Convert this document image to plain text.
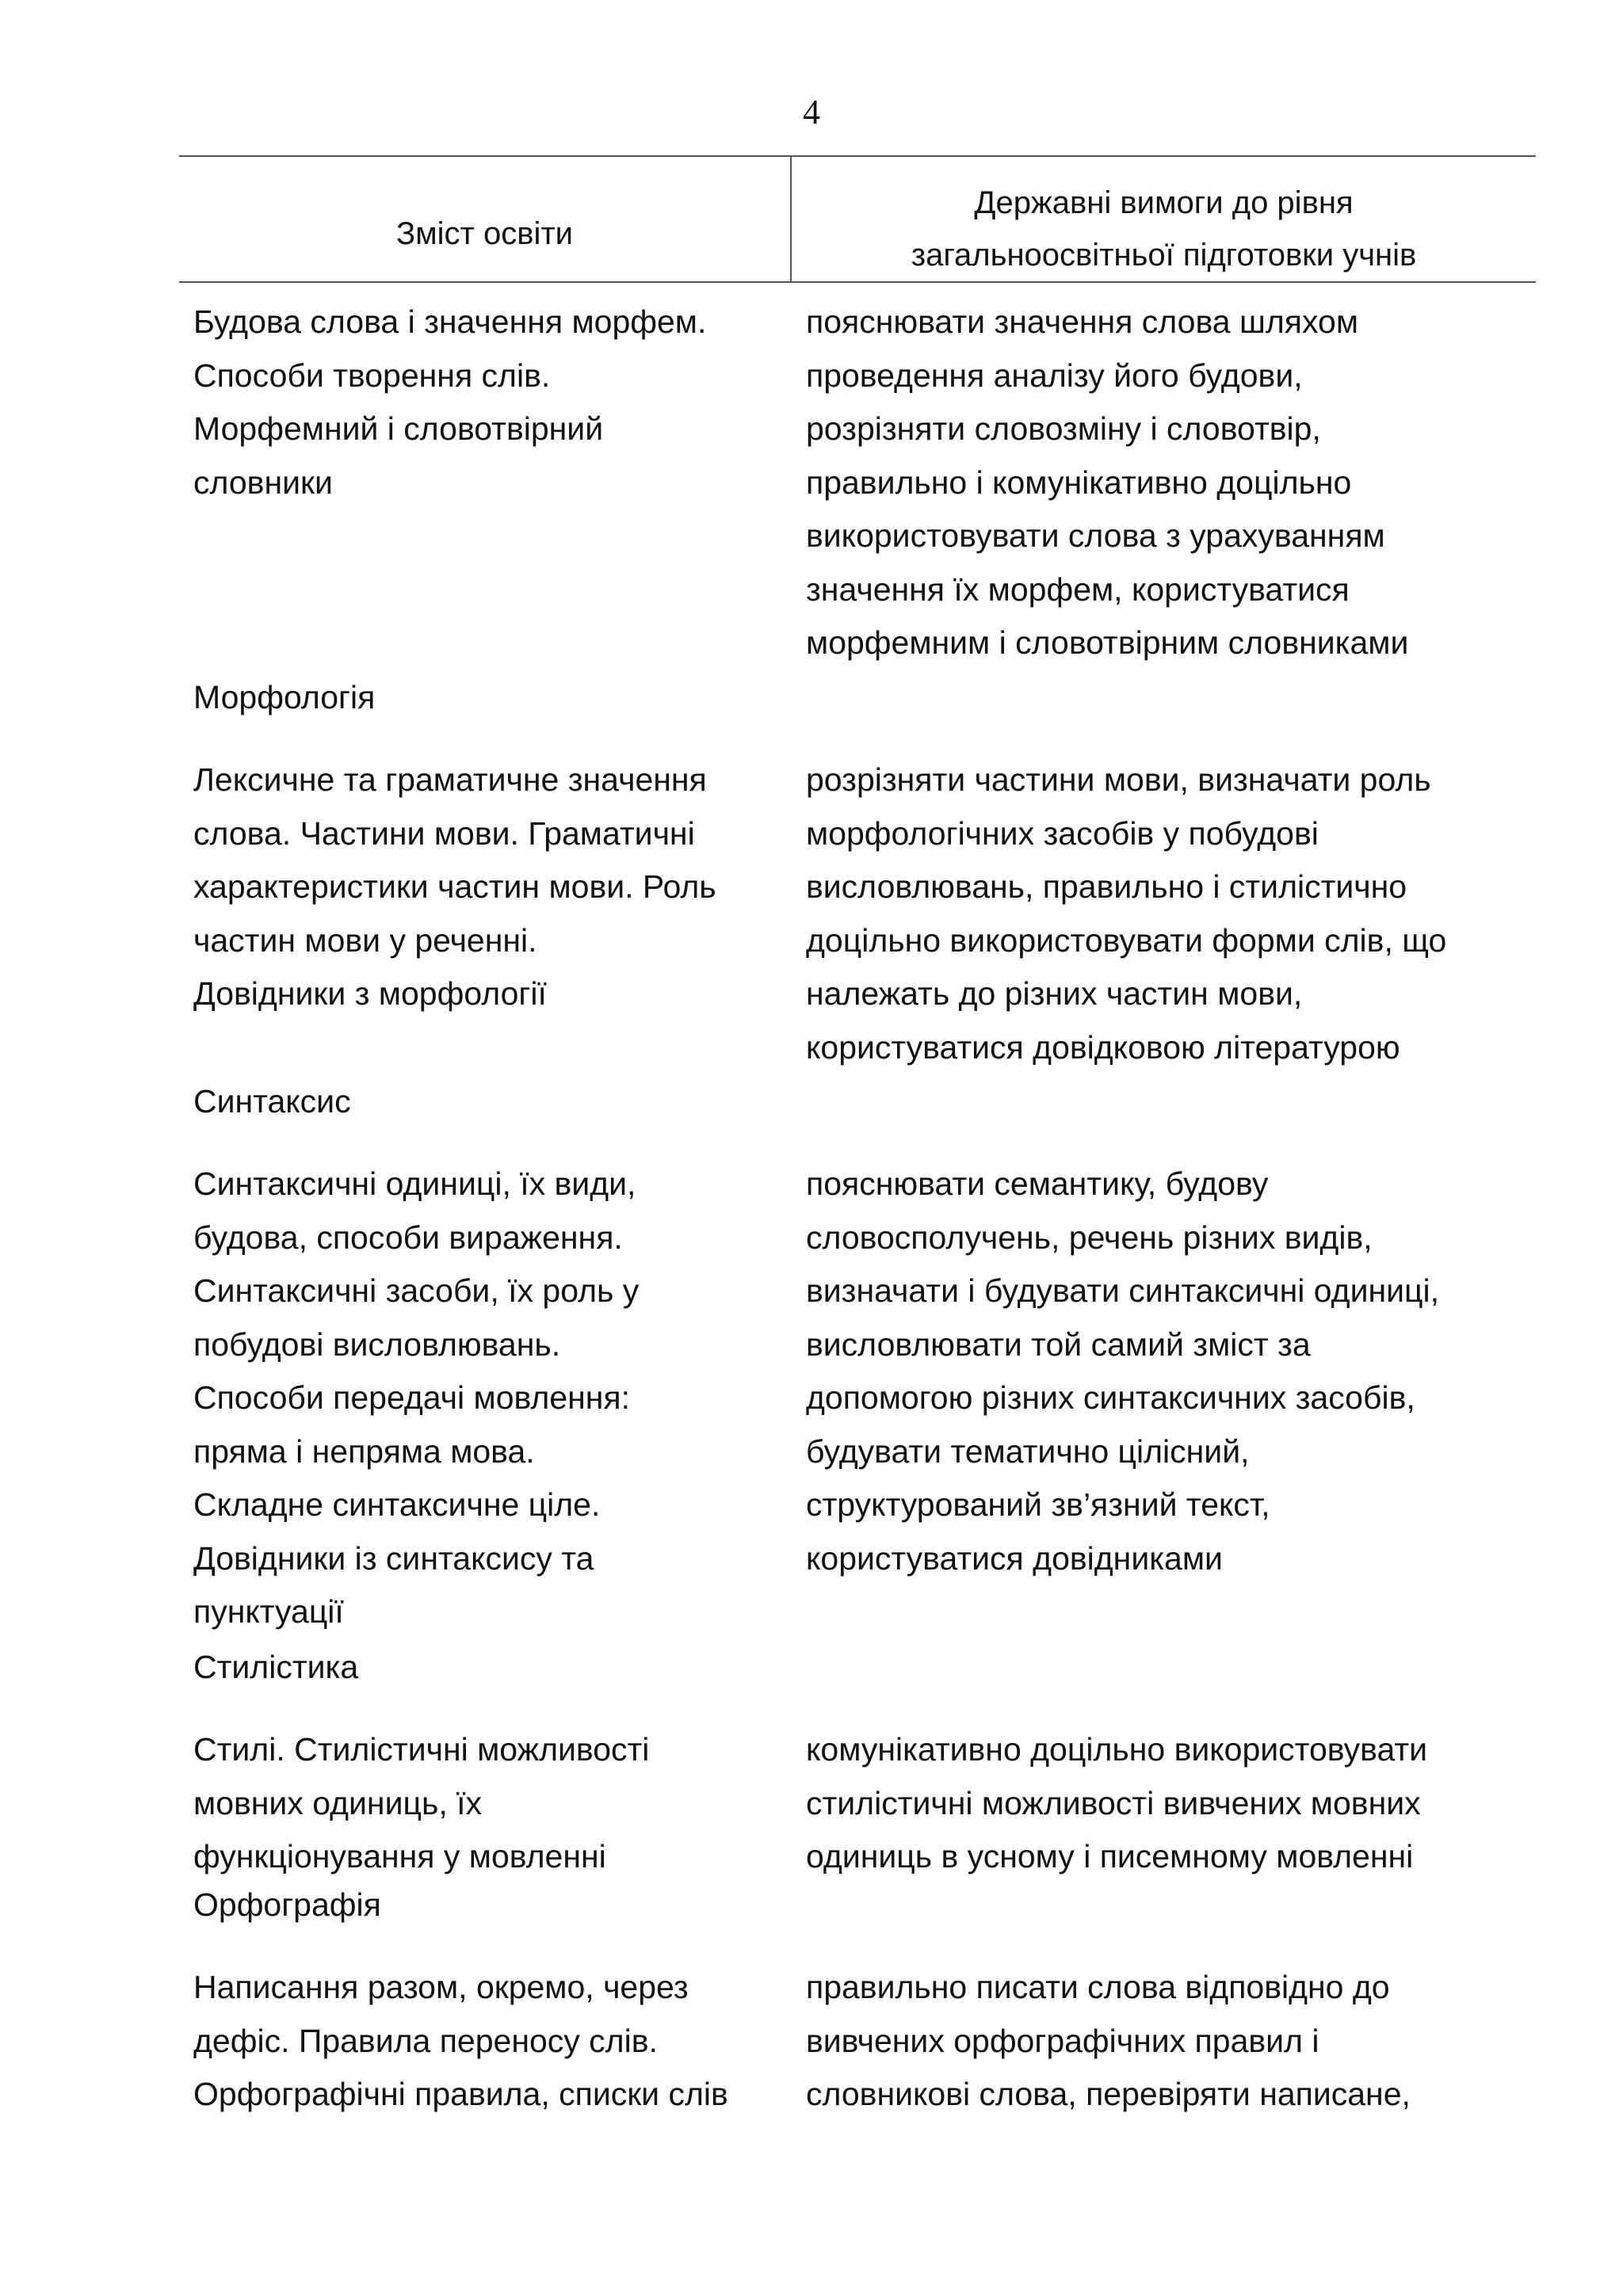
4
Зміст освіти
Державні вимоги до рівня
загальноосвітньої підготовки учнів
Будова слова і значення морфем.
Способи творення слів.
Морфемний і словотвірний
словники
пояснювати значення слова шляхом
проведення аналізу його будови,
розрізняти словозміну і словотвір,
правильно і комунікативно доцільно
використовувати слова з урахуванням
значення їх морфем, користуватися
морфемним і словотвірним словниками
Морфологія
Лексичне та граматичне значення
слова. Частини мови. Граматичні
характеристики частин мови. Роль
частин мови у реченні.
Довідники з морфології
розрізняти частини мови, визначати роль
морфологічних засобів у побудові
висловлювань, правильно і стилістично
доцільно використовувати форми слів, що
належать до різних частин мови,
користуватися довідковою літературою
Синтаксис
Синтаксичні одиниці, їх види,
будова, способи вираження.
Синтаксичні засоби, їх роль у
побудові висловлювань.
Способи передачі мовлення:
пряма і непряма мова.
Складне синтаксичне ціле.
Довідники із синтаксису та
пунктуації
пояснювати семантику, будову
словосполучень, речень різних видів,
визначати і будувати синтаксичні одиниці,
висловлювати той самий зміст за
допомогою різних синтаксичних засобів,
будувати тематично цілісний,
структурований зв’язний текст,
користуватися довідниками
Стилістика
Стилі. Стилістичні можливості
мовних одиниць, їх
функціонування у мовленні
комунікативно доцільно використовувати
стилістичні можливості вивчених мовних
одиниць в усному і писемному мовленні
Орфографія
Написання разом, окремо, через
дефіс. Правила переносу слів.
Орфографічні правила, списки слів
правильно писати слова відповідно до
вивчених орфографічних правил і
словникові слова, перевіряти написане,
